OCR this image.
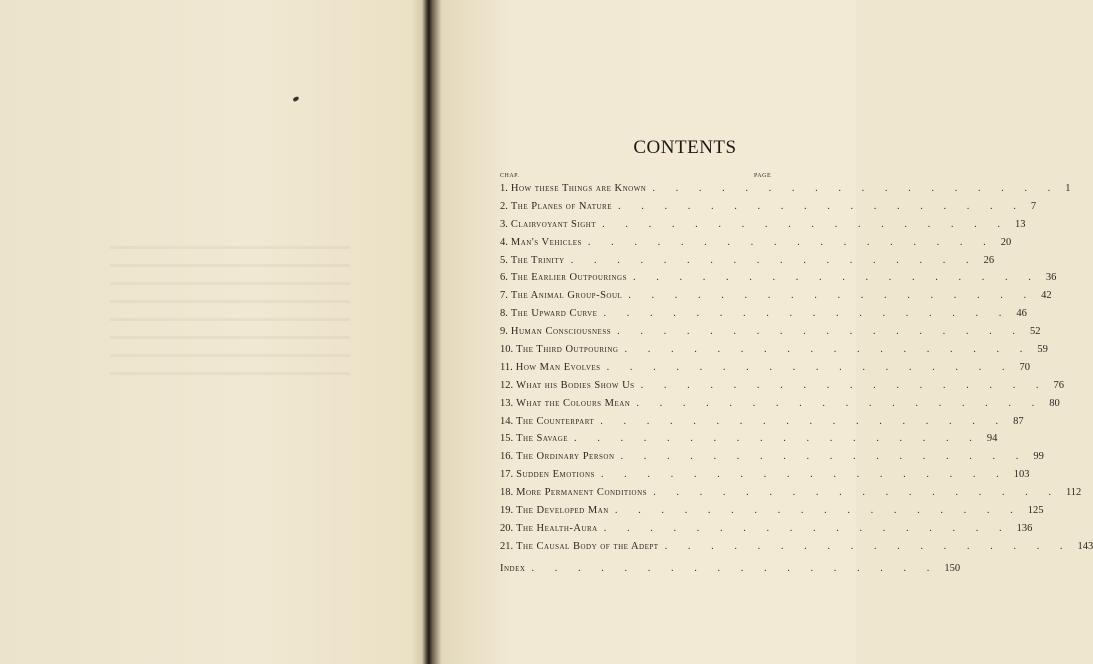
CONTENTS
CHAP.	PAGE
1. How these Things are Known . . . . . . . . . . . . . . . . . . 1
2. The Planes of Nature . . . . . . . . . . . . . . . . . . 7
3. Clairvoyant Sight . . . . . . . . . . . . . . . . . . 13
4. Man's Vehicles . . . . . . . . . . . . . . . . . . 20
5. The Trinity . . . . . . . . . . . . . . . . . . 26
6. The Earlier Outpourings . . . . . . . . . . . . . . . . . . 36
7. The Animal Group-Soul . . . . . . . . . . . . . . . . . . 42
8. The Upward Curve . . . . . . . . . . . . . . . . . . 46
9. Human Consciousness . . . . . . . . . . . . . . . . . . 52
10. The Third Outpouring . . . . . . . . . . . . . . . . . . 59
11. How Man Evolves . . . . . . . . . . . . . . . . . . 70
12. What his Bodies Show Us . . . . . . . . . . . . . . . . . . 76
13. What the Colours Mean . . . . . . . . . . . . . . . . . . 80
14. The Counterpart . . . . . . . . . . . . . . . . . . 87
15. The Savage . . . . . . . . . . . . . . . . . . 94
16. The Ordinary Person . . . . . . . . . . . . . . . . . . 99
17. Sudden Emotions . . . . . . . . . . . . . . . . . . 103
18. More Permanent Conditions . . . . . . . . . . . . . . . . . . 112
19. The Developed Man . . . . . . . . . . . . . . . . . . 125
20. The Health-Aura . . . . . . . . . . . . . . . . . . 136
21. The Causal Body of the Adept . . . . . . . . . . . . . . . . . . 143
Index . . . . . . . . . . . . . . . . . . 150
